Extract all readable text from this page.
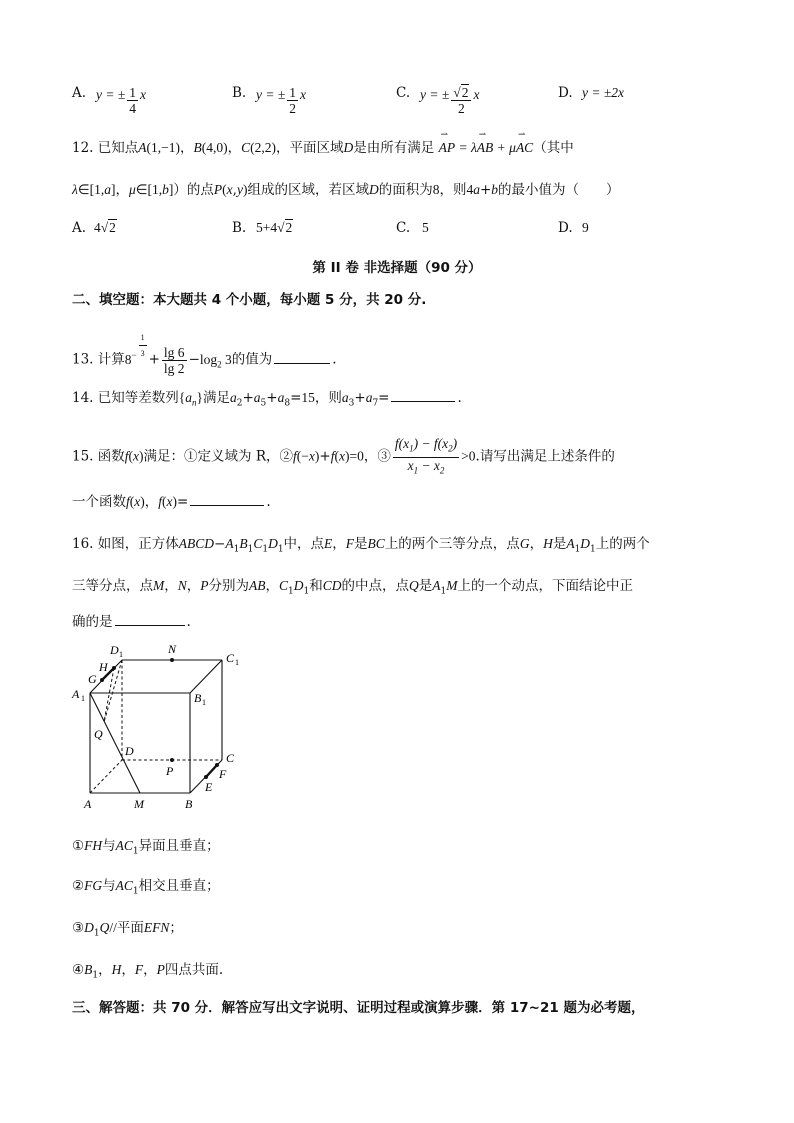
A. y = ± $\frac{1}{4}$ x	B. y = ± $\frac{1}{2}$ x	C. y = ± $\frac{√2}{2}$ x	D. y = ±2x
12. 已知点A(1,−1)，B(4,0)，C(2,2)，平面区域D是由所有满足 ⇀ AP = λ⇀ AB + μ⇀ AC（其中
λ∈[1,a]，μ∈[1,b]）的点P(x,y)组成的区域，若区域D的面积为8，则4a+b的最小值为（　　）
A. 4√2	B. 5+4√2	C. 5	D. 9
第 II 卷 非选择题（90 分）
二、填空题：本大题共 4 个小题，每小题 5 分，共 20 分.
13. 计算$8^{- \frac{1}{3}} + \frac{\lg 6}{\lg 2} -\log_2$ 3的值为	.
14. 已知等差数列$\{a_n\}$满足$a_2+a_5+a_8=15$，则$a_3+a_7=$	.
15. 函数f(x)满足：①定义域为 R，②f(−x)+f(x)=0，③ $\frac{f(x_1) - f(x_2)}{x_1 - x_2} >0$.请写出满足上述条件的
一个函数f(x)，f(x)=	.
16. 如图，正方体$ABCD-A_1B_1C_1D_1$中，点E，F是BC上的两个三等分点，点G，H是$A_1D_1$上的两个
三等分点，点M，N，P分别为AB，$C_1D_1$和CD的中点，点Q是$A_1M$上的一个动点，下面结论中正
确的是	.
D 1	N
C 1
H
G
A 1	B 1
Q
D	C
P	F
E
A	M	B
①FH与$AC_1$异面且垂直；
②FG与$AC_1$相交且垂直；
$③D_1Q//$平面EFN；
$④B_1$，H，F，P四点共面.
三、解答题：共 70 分．解答应写出文字说明、证明过程或演算步骤．第 17~21 题为必考题，
